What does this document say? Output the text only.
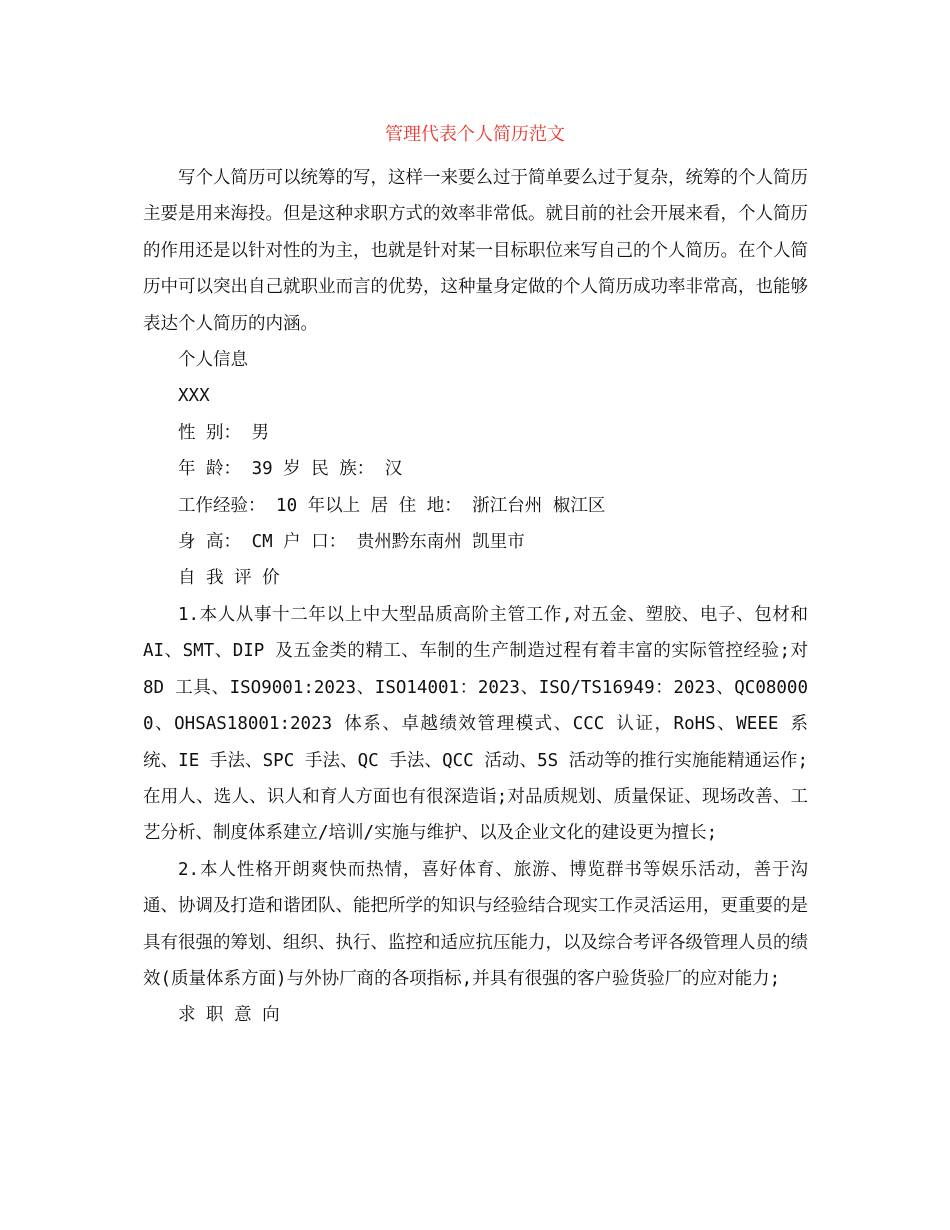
管理代表个人简历范文

写个人简历可以统筹的写，这样一来要么过于简单要么过于复杂，统筹的个人简历主要是用来海投。但是这种求职方式的效率非常低。就目前的社会开展来看，个人简历的作用还是以针对性的为主，也就是针对某一目标职位来写自己的个人简历。在个人简历中可以突出自己就职业而言的优势，这种量身定做的个人简历成功率非常高，也能够表达个人简历的内涵。

个人信息

XXX

性 别： 男

年 龄： 39 岁 民 族： 汉

工作经验： 10 年以上 居 住 地： 浙江台州 椒江区

身 高： CM 户 口： 贵州黔东南州 凯里市

自 我 评 价

1.本人从事十二年以上中大型品质高阶主管工作,对五金、塑胶、电子、包材和 AI、SMT、DIP 及五金类的精工、车制的生产制造过程有着丰富的实际管控经验;对 8D 工具、ISO9001:2023、ISO14001：2023、ISO/TS16949：2023、QC080000、OHSAS18001:2023 体系、卓越绩效管理模式、CCC 认证，RoHS、WEEE 系统、IE 手法、SPC 手法、QC 手法、QCC 活动、5S 活动等的推行实施能精通运作;在用人、选人、识人和育人方面也有很深造诣;对品质规划、质量保证、现场改善、工艺分析、制度体系建立/培训/实施与维护、以及企业文化的建设更为擅长;

2.本人性格开朗爽快而热情，喜好体育、旅游、博览群书等娱乐活动，善于沟通、协调及打造和谐团队、能把所学的知识与经验结合现实工作灵活运用，更重要的是具有很强的筹划、组织、执行、监控和适应抗压能力，以及综合考评各级管理人员的绩效(质量体系方面)与外协厂商的各项指标,并具有很强的客户验货验厂的应对能力;

求 职 意 向
